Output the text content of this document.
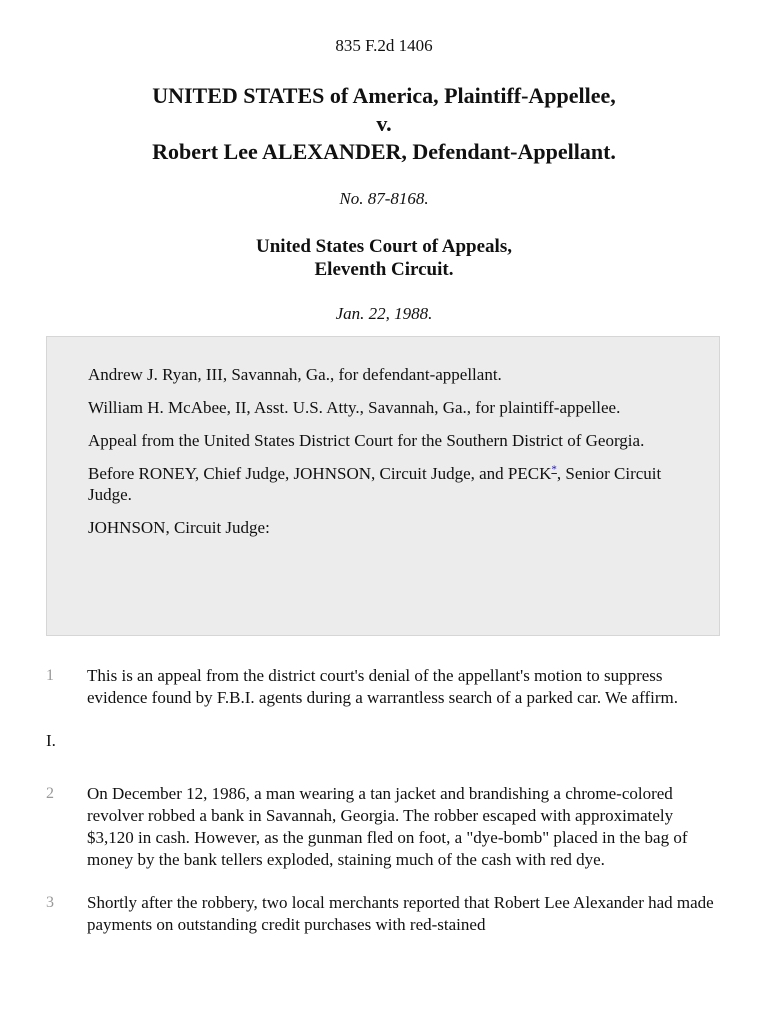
835 F.2d 1406
UNITED STATES of America, Plaintiff-Appellee,
v.
Robert Lee ALEXANDER, Defendant-Appellant.
No. 87-8168.
United States Court of Appeals,
Eleventh Circuit.
Jan. 22, 1988.

Andrew J. Ryan, III, Savannah, Ga., for defendant-appellant.

William H. McAbee, II, Asst. U.S. Atty., Savannah, Ga., for plaintiff-appellee.

Appeal from the United States District Court for the Southern District of Georgia.

Before RONEY, Chief Judge, JOHNSON, Circuit Judge, and PECK*, Senior Circuit Judge.

JOHNSON, Circuit Judge:

1 This is an appeal from the district court's denial of the appellant's motion to suppress evidence found by F.B.I. agents during a warrantless search of a parked car. We affirm.
I.
2 On December 12, 1986, a man wearing a tan jacket and brandishing a chrome-colored revolver robbed a bank in Savannah, Georgia. The robber escaped with approximately $3,120 in cash. However, as the gunman fled on foot, a "dye-bomb" placed in the bag of money by the bank tellers exploded, staining much of the cash with red dye.
3 Shortly after the robbery, two local merchants reported that Robert Lee Alexander had made payments on outstanding credit purchases with red-stained
